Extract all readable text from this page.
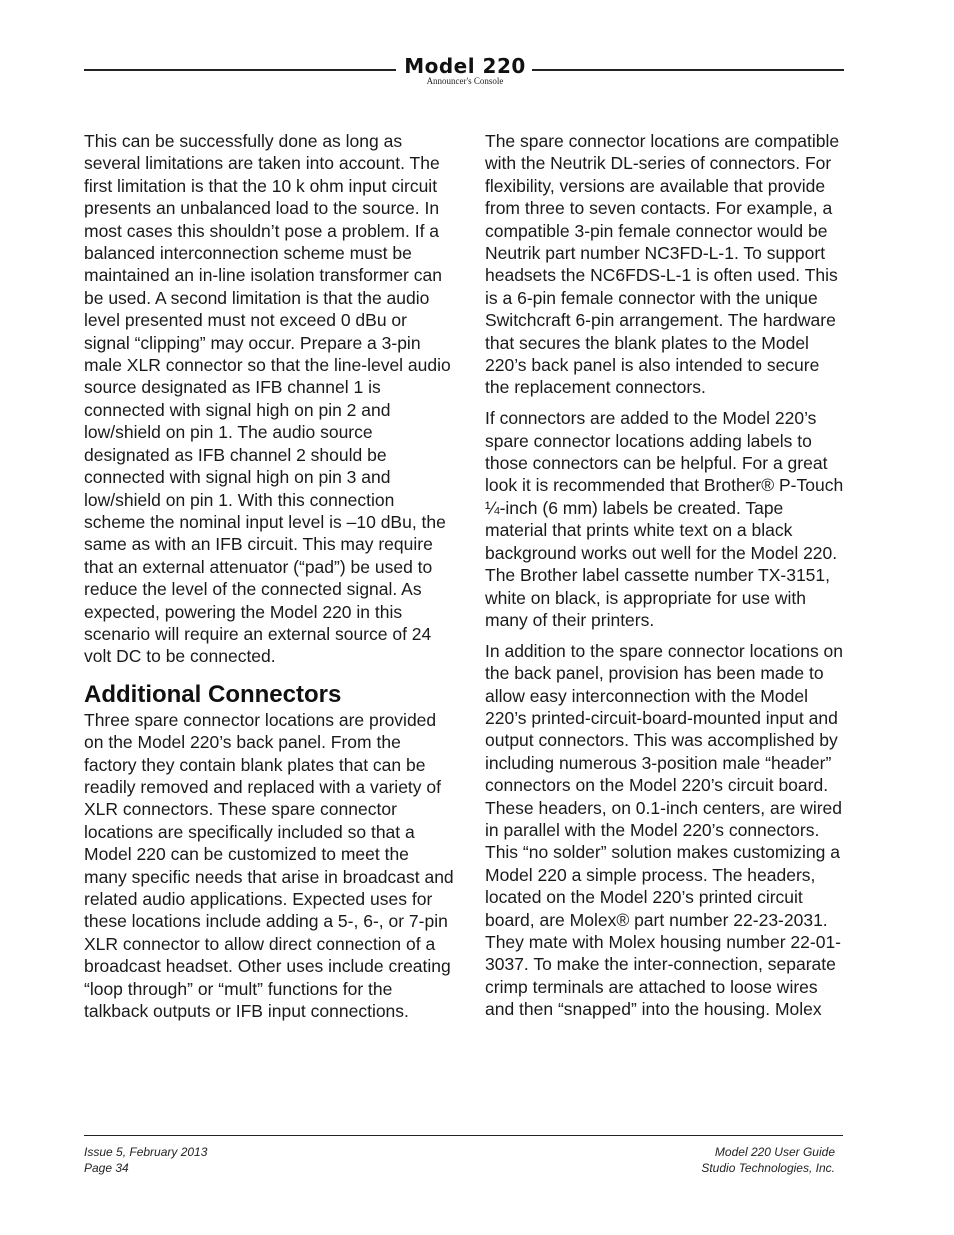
Model 220
Announcer's Console

This can be successfully done as long as several limitations are taken into account. The first limitation is that the 10 k ohm input circuit presents an unbalanced load to the source. In most cases this shouldn’t pose a problem. If a balanced interconnection scheme must be maintained an in-line isolation transformer can be used. A second limitation is that the audio level presented must not exceed 0 dBu or signal “clipping” may occur. Prepare a 3-pin male XLR connector so that the line-level audio source designated as IFB channel 1 is connected with signal high on pin 2 and low/shield on pin 1. The audio source designated as IFB channel 2 should be connected with signal high on pin 3 and low/shield on pin 1. With this connection scheme the nominal input level is –10 dBu, the same as with an IFB circuit. This may require that an external attenuator (“pad”) be used to reduce the level of the connected signal. As expected, powering the Model 220 in this scenario will require an external source of 24 volt DC to be connected.

Additional Connectors

Three spare connector locations are provided on the Model 220’s back panel. From the factory they contain blank plates that can be readily removed and replaced with a variety of XLR connectors. These spare connector locations are specifically included so that a Model 220 can be customized to meet the many specific needs that arise in broadcast and related audio applications. Expected uses for these locations include adding a 5-, 6-, or 7-pin XLR connector to allow direct connection of a broadcast headset. Other uses include creating “loop through” or “mult” functions for the talkback outputs or IFB input connections.

The spare connector locations are compatible with the Neutrik DL-series of connectors. For flexibility, versions are available that provide from three to seven contacts. For example, a compatible 3-pin female connector would be Neutrik part number NC3FD-L-1. To support headsets the NC6FDS-L-1 is often used. This is a 6-pin female connector with the unique Switchcraft 6-pin arrangement. The hardware that secures the blank plates to the Model 220’s back panel is also intended to secure the replacement connectors.

If connectors are added to the Model 220’s spare connector locations adding labels to those connectors can be helpful. For a great look it is recommended that Brother® P-Touch ¼-inch (6 mm) labels be created. Tape material that prints white text on a black background works out well for the Model 220. The Brother label cassette number TX-3151, white on black, is appropriate for use with many of their printers.

In addition to the spare connector locations on the back panel, provision has been made to allow easy interconnection with the Model 220’s printed-circuit-board-mounted input and output connectors. This was accomplished by including numerous 3-position male “header” connectors on the Model 220’s circuit board. These headers, on 0.1-inch centers, are wired in parallel with the Model 220’s connectors. This “no solder” solution makes customizing a Model 220 a simple process. The headers, located on the Model 220’s printed circuit board, are Molex® part number 22-23-2031. They mate with Molex housing number 22-01-3037. To make the inter-connection, separate crimp terminals are attached to loose wires and then “snapped” into the housing. Molex

Issue 5, February 2013
Page 34
Model 220 User Guide
Studio Technologies, Inc.
